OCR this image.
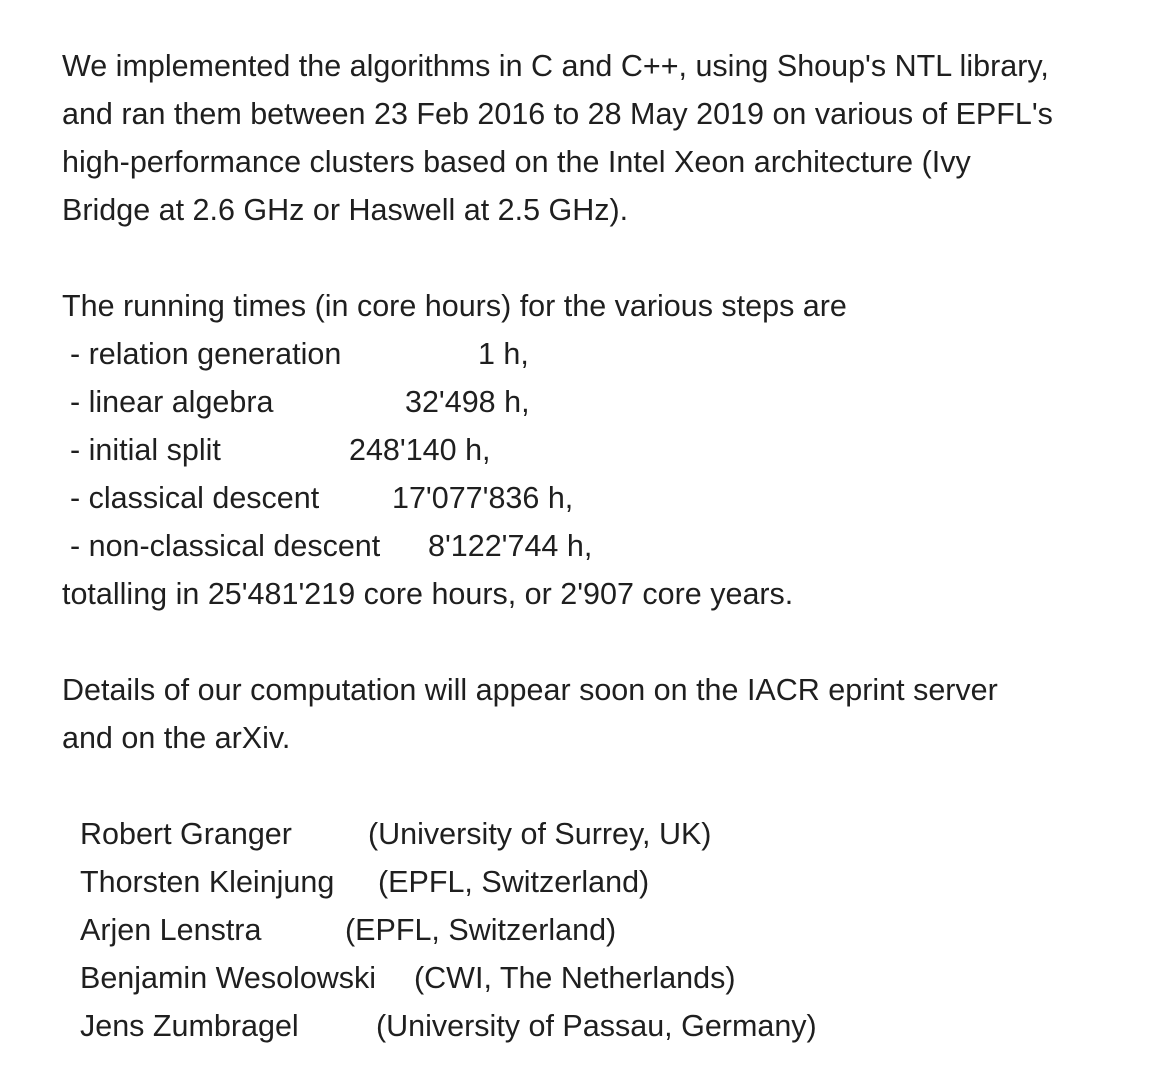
We implemented the algorithms in C and C++, using Shoup's NTL library,
and ran them between 23 Feb 2016 to 28 May 2019 on various of EPFL's
high-performance clusters based on the Intel Xeon architecture (Ivy
Bridge at 2.6 GHz or Haswell at 2.5 GHz).
The running times (in core hours) for the various steps are
- relation generation	1 h,
- linear algebra	32'498 h,
- initial split	248'140 h,
- classical descent 17'077'836 h,
- non-classical descent 8'122'744 h,
totalling in 25'481'219 core hours, or 2'907 core years.
Details of our computation will appear soon on the IACR eprint server
and on the arXiv.
Robert Granger (University of Surrey, UK)
Thorsten Kleinjung (EPFL, Switzerland)
Arjen Lenstra	(EPFL, Switzerland)
Benjamin Wesolowski (CWI, The Netherlands)
Jens Zumbragel	(University of Passau, Germany)
